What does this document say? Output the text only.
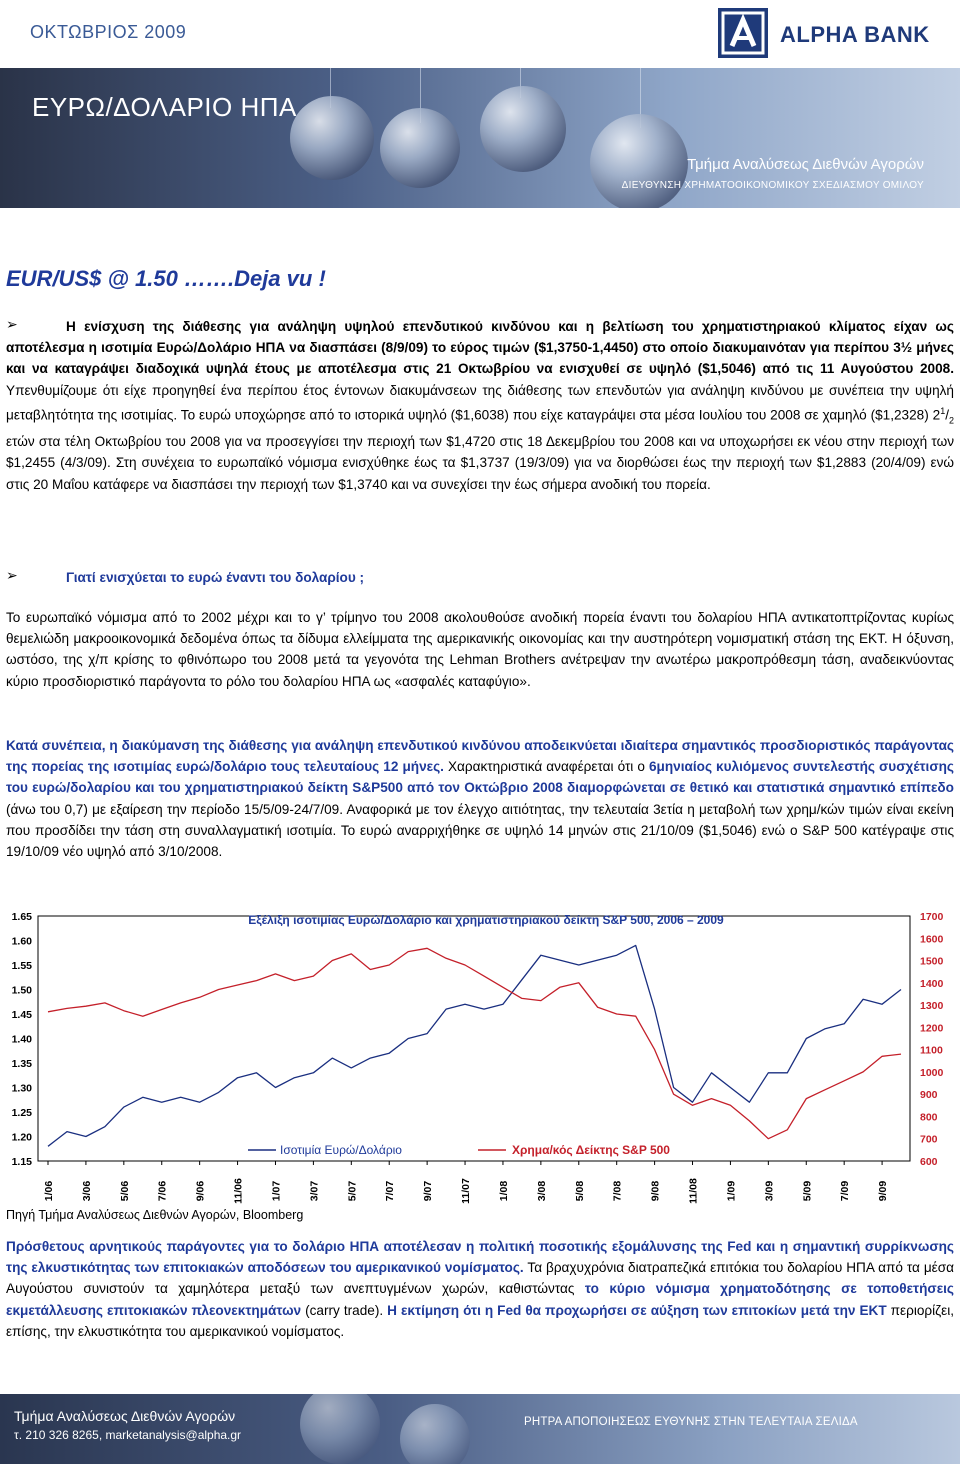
ΟΚΤΩΒΡΙΟΣ 2009	ALPHA BANK
ΕΥΡΩ/ΔΟΛΑΡΙΟ ΗΠΑ
Τμήμα Αναλύσεως Διεθνών Αγορών
ΔΙΕΥΘΥΝΣΗ ΧΡΗΜΑΤΟΟΙΚΟΝΟΜΙΚΟΥ ΣΧΕΔΙΑΣΜΟΥ ΟΜΙΛΟΥ
EUR/US$ @ 1.50 …….Deja vu !
➢	Η ενίσχυση της διάθεσης για ανάληψη υψηλού επενδυτικού κινδύνου και η βελτίωση του χρηματιστηριακού κλίματος είχαν ως αποτέλεσμα η ισοτιμία Ευρώ/Δολάριο ΗΠΑ να διασπάσει (8/9/09) το εύρος τιμών ($1,3750-1,4450) στο οποίο διακυμαινόταν για περίπου 3½ μήνες και να καταγράψει διαδοχικά υψηλά έτους με αποτέλεσμα στις 21 Οκτωβρίου να ενισχυθεί σε υψηλό ($1,5046) από τις 11 Αυγούστου 2008. Υπενθυμίζουμε ότι είχε προηγηθεί ένα περίπου έτος έντονων διακυμάνσεων της διάθεσης των επενδυτών για ανάληψη κινδύνου με συνέπεια την υψηλή μεταβλητότητα της ισοτιμίας. Το ευρώ υποχώρησε από το ιστορικά υψηλό ($1,6038) που είχε καταγράψει στα μέσα Ιουλίου του 2008 σε χαμηλό ($1,2328) $2^1/_2$ ετών στα τέλη Οκτωβρίου του 2008 για να προσεγγίσει την περιοχή των $1,4720 στις 18 Δεκεμβρίου του 2008 και να υποχωρήσει εκ νέου στην περιοχή των $1,2455 (4/3/09). Στη συνέχεια το ευρωπαϊκό νόμισμα ενισχύθηκε έως τα $1,3737 (19/3/09) για να διορθώσει έως την περιοχή των $1,2883 (20/4/09) ενώ στις 20 Μαΐου κατάφερε να διασπάσει την περιοχή των $1,3740 και να συνεχίσει την έως σήμερα ανοδική του πορεία.

➢	Γιατί ενισχύεται το ευρώ έναντι του δολαρίου ;

Το ευρωπαϊκό νόμισμα από το 2002 μέχρι και το γ’ τρίμηνο του 2008 ακολουθούσε ανοδική πορεία έναντι του δολαρίου ΗΠΑ αντικατοπτρίζοντας κυρίως θεμελιώδη μακροοικονομικά δεδομένα όπως τα δίδυμα ελλείμματα της αμερικανικής οικονομίας και την αυστηρότερη νομισματική στάση της ΕΚΤ. Η όξυνση, ωστόσο, της χ/π κρίσης το φθινόπωρο του 2008 μετά τα γεγονότα της Lehman Brothers ανέτρεψαν την ανωτέρω μακροπρόθεσμη τάση, αναδεικνύοντας κύριο προσδιοριστικό παράγοντα το ρόλο του δολαρίου ΗΠΑ ως «ασφαλές καταφύγιο».

Κατά συνέπεια, η διακύμανση της διάθεσης για ανάληψη επενδυτικού κινδύνου αποδεικνύεται ιδιαίτερα σημαντικός προσδιοριστικός παράγοντας της πορείας της ισοτιμίας ευρώ/δολάριο τους τελευταίους 12 μήνες. Χαρακτηριστικά αναφέρεται ότι ο 6μηνιαίος κυλιόμενος συντελεστής συσχέτισης του ευρώ/δολαρίου και του χρηματιστηριακού δείκτη S&P500 από τον Οκτώβριο 2008 διαμορφώνεται σε θετικό και στατιστικά σημαντικό επίπεδο (άνω του 0,7) με εξαίρεση την περίοδο 15/5/09-24/7/09. Αναφορικά με τον έλεγχο αιτιότητας, την τελευταία 3ετία η μεταβολή των χρημ/κών τιμών είναι εκείνη που προσδίδει την τάση στη συναλλαγματική ισοτιμία. Το ευρώ αναρριχήθηκε σε υψηλό 14 μηνών στις 21/10/09 ($1,5046) ενώ ο S&P 500 κατέγραψε στις 19/10/09 νέο υψηλό από 3/10/2008.

Εξέλιξη ισοτιμίας Ευρώ/Δολάριο και χρηματιστηριακού δείκτη S&P 500, 2006 – 2009
1.15
1.20
1.25
1.30
1.35
1.40
1.45
1.50
1.55
1.60
1.65
600
700
800
900
1000
1100
1200
1300
1400
1500
1600
1700
1/06 3/06 5/06 7/06 9/06 11/06 1/07 3/07 5/07 7/07 9/07 11/07 1/08 3/08 5/08 7/08 9/08 11/08 1/09 3/09 5/09 7/09 9/09
Ισοτιμία Ευρώ/Δολάριο	Χρημα/κός Δείκτης S&P 500
Πηγή Τμήμα Αναλύσεως Διεθνών Αγορών, Bloomberg

Πρόσθετους αρνητικούς παράγοντες για το δολάριο ΗΠΑ αποτέλεσαν η πολιτική ποσοτικής εξομάλυνσης της Fed και η σημαντική συρρίκνωσης της ελκυστικότητας των επιτοκιακών αποδόσεων του αμερικανικού νομίσματος. Τα βραχυχρόνια διατραπεζικά επιτόκια του δολαρίου ΗΠΑ από τα μέσα Αυγούστου συνιστούν τα χαμηλότερα μεταξύ των ανεπτυγμένων χωρών, καθιστώντας το κύριο νόμισμα χρηματοδότησης σε τοποθετήσεις εκμετάλλευσης επιτοκιακών πλεονεκτημάτων (carry trade). Η εκτίμηση ότι η Fed θα προχωρήσει σε αύξηση των επιτοκίων μετά την ΕΚΤ περιορίζει, επίσης, την ελκυστικότητα του αμερικανικού νομίσματος.

Τμήμα Αναλύσεως Διεθνών Αγορών
τ. 210 326 8265, marketanalysis@alpha.gr
ΡΗΤΡΑ ΑΠΟΠΟΙΗΣΕΩΣ ΕΥΘΥΝΗΣ ΣΤΗΝ ΤΕΛΕΥΤΑΙΑ ΣΕΛΙΔΑ
